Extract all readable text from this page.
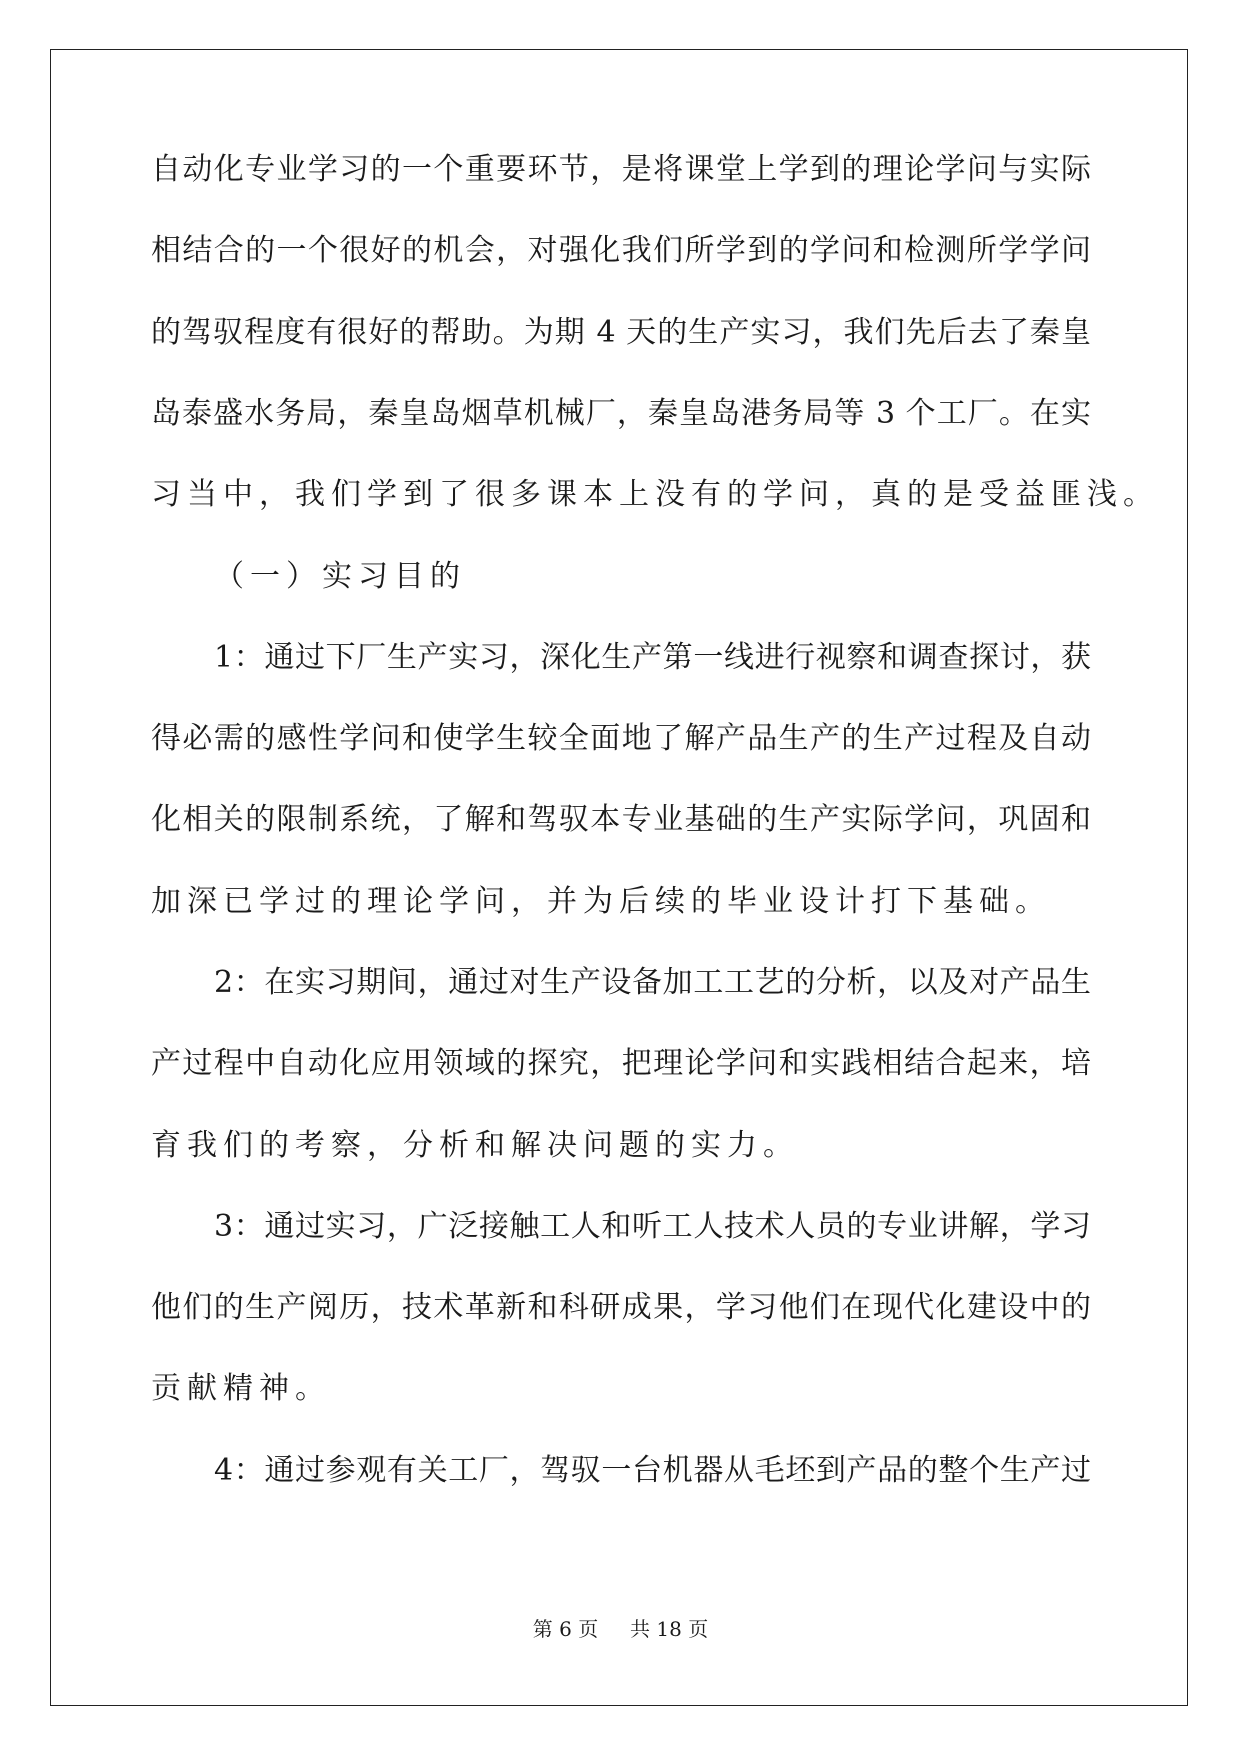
自动化专业学习的一个重要环节，是将课堂上学到的理论学问与实际
相结合的一个很好的机会，对强化我们所学到的学问和检测所学学问
的驾驭程度有很好的帮助。为期 4 天的生产实习，我们先后去了秦皇
岛泰盛水务局，秦皇岛烟草机械厂，秦皇岛港务局等 3 个工厂。在实
习当中，我们学到了很多课本上没有的学问，真的是受益匪浅。
（一）实习目的
1：通过下厂生产实习，深化生产第一线进行视察和调查探讨，获
得必需的感性学问和使学生较全面地了解产品生产的生产过程及自动
化相关的限制系统，了解和驾驭本专业基础的生产实际学问，巩固和
加深已学过的理论学问，并为后续的毕业设计打下基础。
2：在实习期间，通过对生产设备加工工艺的分析，以及对产品生
产过程中自动化应用领域的探究，把理论学问和实践相结合起来，培
育我们的考察，分析和解决问题的实力。
3：通过实习，广泛接触工人和听工人技术人员的专业讲解，学习
他们的生产阅历，技术革新和科研成果，学习他们在现代化建设中的
贡献精神。
4：通过参观有关工厂，驾驭一台机器从毛坯到产品的整个生产过
第 6 页 共 18 页
